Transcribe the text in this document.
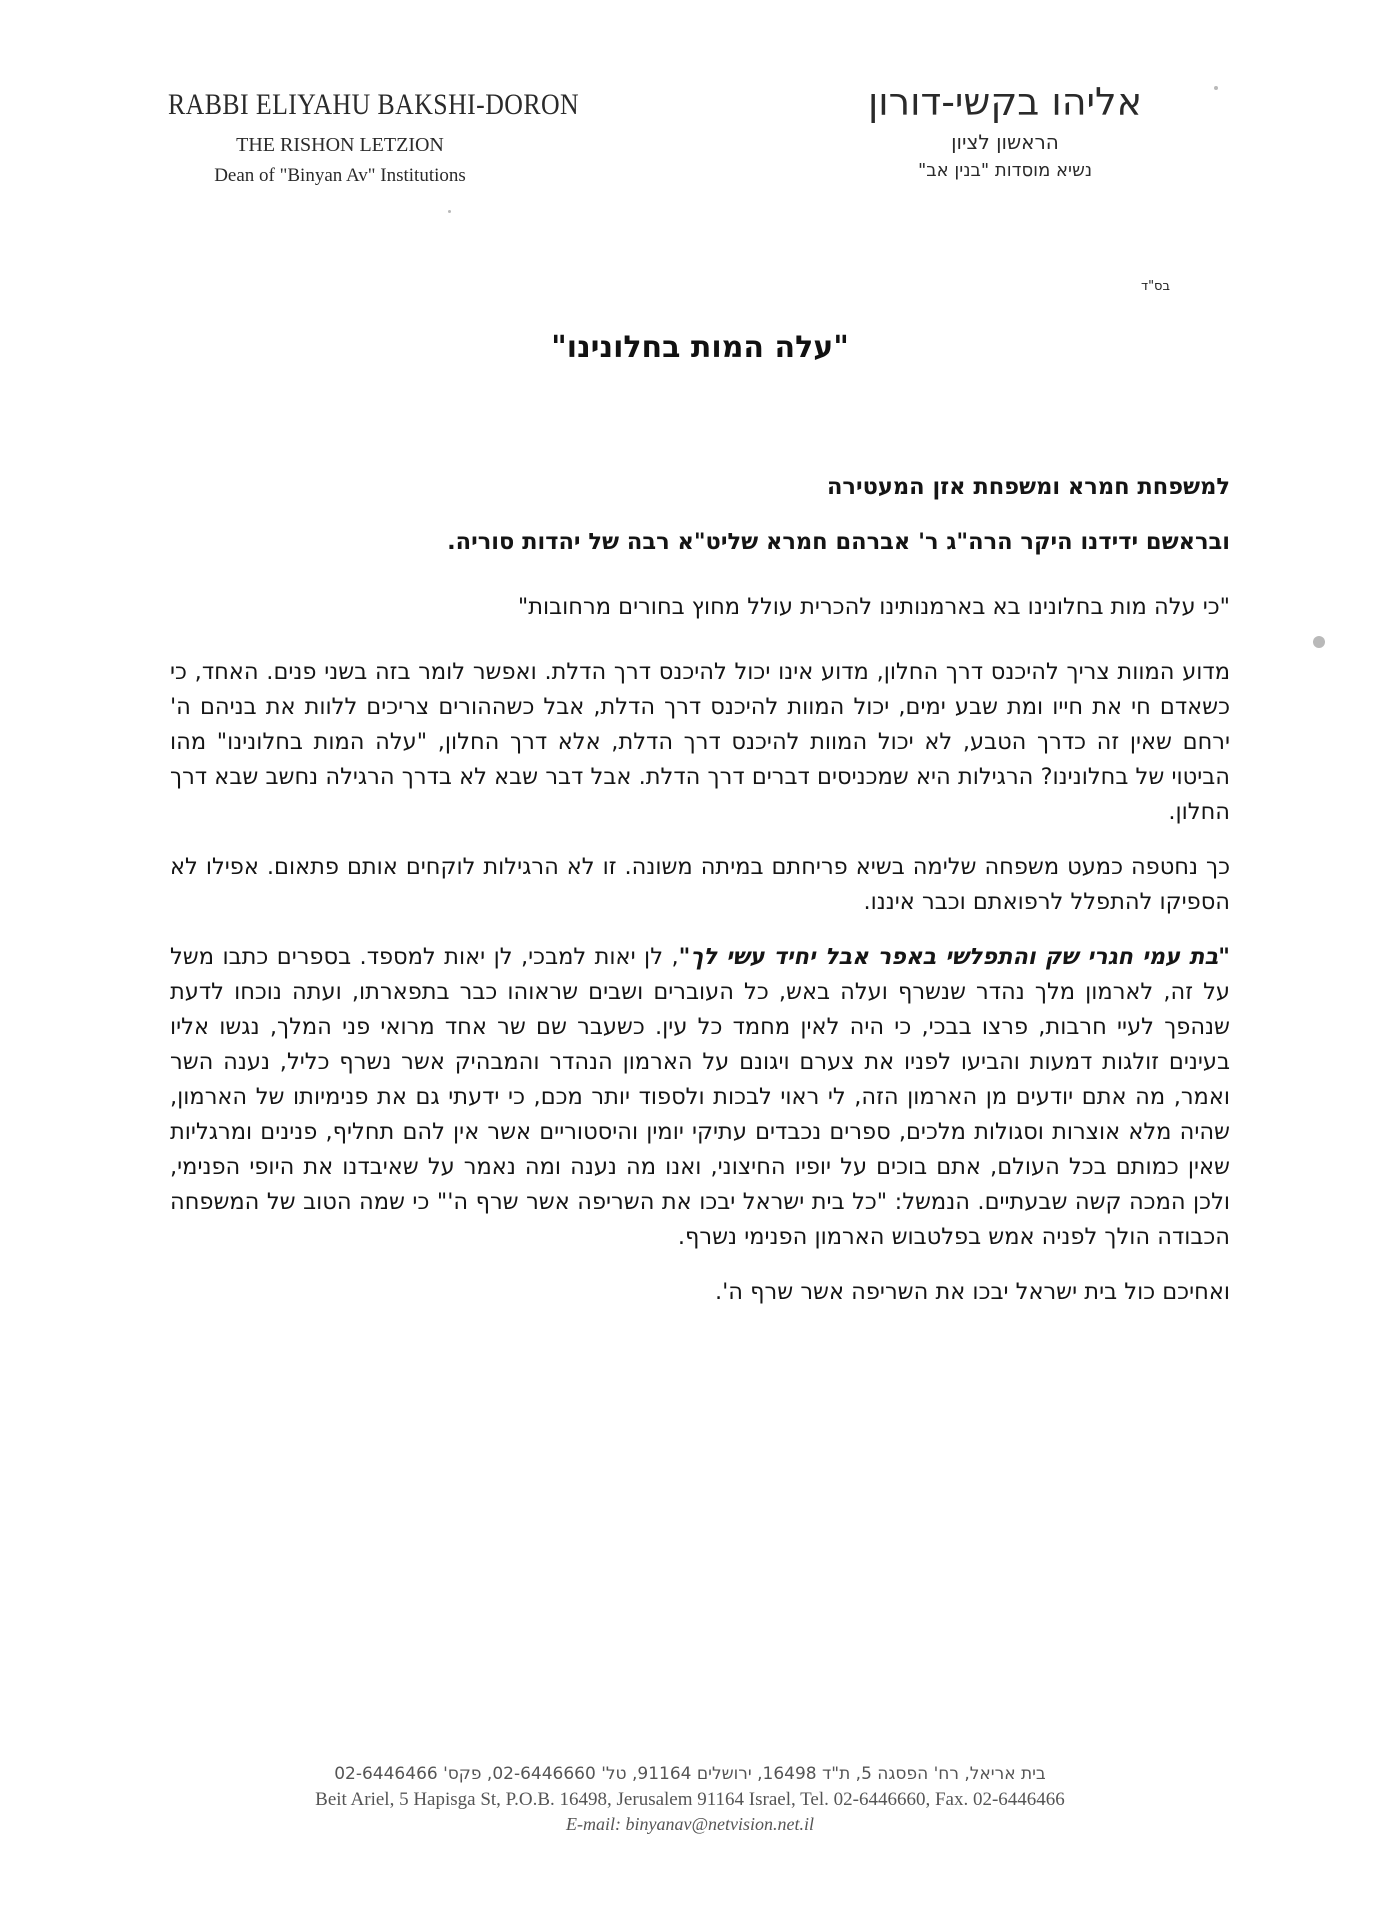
RABBI ELIYAHU BAKSHI-DORON
THE RISHON LETZION
Dean of "Binyan Av" Institutions
אליהו בקשי-דורון
הראשון לציון
נשיא מוסדות "בנין אב"
בס"ד
"עלה המות בחלונינו"

למשפחת חמרא ומשפחת אזן המעטירה

ובראשם ידידנו היקר הרה"ג ר' אברהם חמרא שליט"א רבה של יהדות סוריה.

"כי עלה מות בחלונינו בא בארמנותינו להכרית עולל מחוץ בחורים מרחובות"

מדוע המוות צריך להיכנס דרך החלון, מדוע אינו יכול להיכנס דרך הדלת. ואפשר לומר בזה בשני פנים. האחד, כי כשאדם חי את חייו ומת שבע ימים, יכול המוות להיכנס דרך הדלת, אבל כשההורים צריכים ללוות את בניהם ה' ירחם שאין זה כדרך הטבע, לא יכול המוות להיכנס דרך הדלת, אלא דרך החלון, "עלה המות בחלונינו" מהו הביטוי של בחלונינו? הרגילות היא שמכניסים דברים דרך הדלת. אבל דבר שבא לא בדרך הרגילה נחשב שבא דרך החלון.

כך נחטפה כמעט משפחה שלימה בשיא פריחתם במיתה משונה. זו לא הרגילות לוקחים אותם פתאום. אפילו לא הספיקו להתפלל לרפואתם וכבר איננו.

"בת עמי חגרי שק והתפלשי באפר אבל יחיד עשי לך", לן יאות למבכי, לן יאות למספד. בספרים כתבו משל על זה, לארמון מלך נהדר שנשרף ועלה באש, כל העוברים ושבים שראוהו כבר בתפארתו, ועתה נוכחו לדעת שנהפך לעיי חרבות, פרצו בבכי, כי היה לאין מחמד כל עין. כשעבר שם שר אחד מרואי פני המלך, נגשו אליו בעינים זולגות דמעות והביעו לפניו את צערם ויגונם על הארמון הנהדר והמבהיק אשר נשרף כליל, נענה השר ואמר, מה אתם יודעים מן הארמון הזה, לי ראוי לבכות ולספוד יותר מכם, כי ידעתי גם את פנימיותו של הארמון, שהיה מלא אוצרות וסגולות מלכים, ספרים נכבדים עתיקי יומין והיסטוריים אשר אין להם תחליף, פנינים ומרגליות שאין כמותם בכל העולם, אתם בוכים על יופיו החיצוני, ואנו מה נענה ומה נאמר על שאיבדנו את היופי הפנימי, ולכן המכה קשה שבעתיים. הנמשל: "כל בית ישראל יבכו את השריפה אשר שרף ה'" כי שמה הטוב של המשפחה הכבודה הולך לפניה אמש בפלטבוש הארמון הפנימי נשרף.

ואחיכם כול בית ישראל יבכו את השריפה אשר שרף ה'.

בית אריאל, רח' הפסגה 5, ת"ד 16498, ירושלים 91164, טל' 02-6446660, פקס' 02-6446466
Beit Ariel, 5 Hapisga St, P.O.B. 16498, Jerusalem 91164 Israel, Tel. 02-6446660, Fax. 02-6446466
E-mail: binyanav@netvision.net.il
